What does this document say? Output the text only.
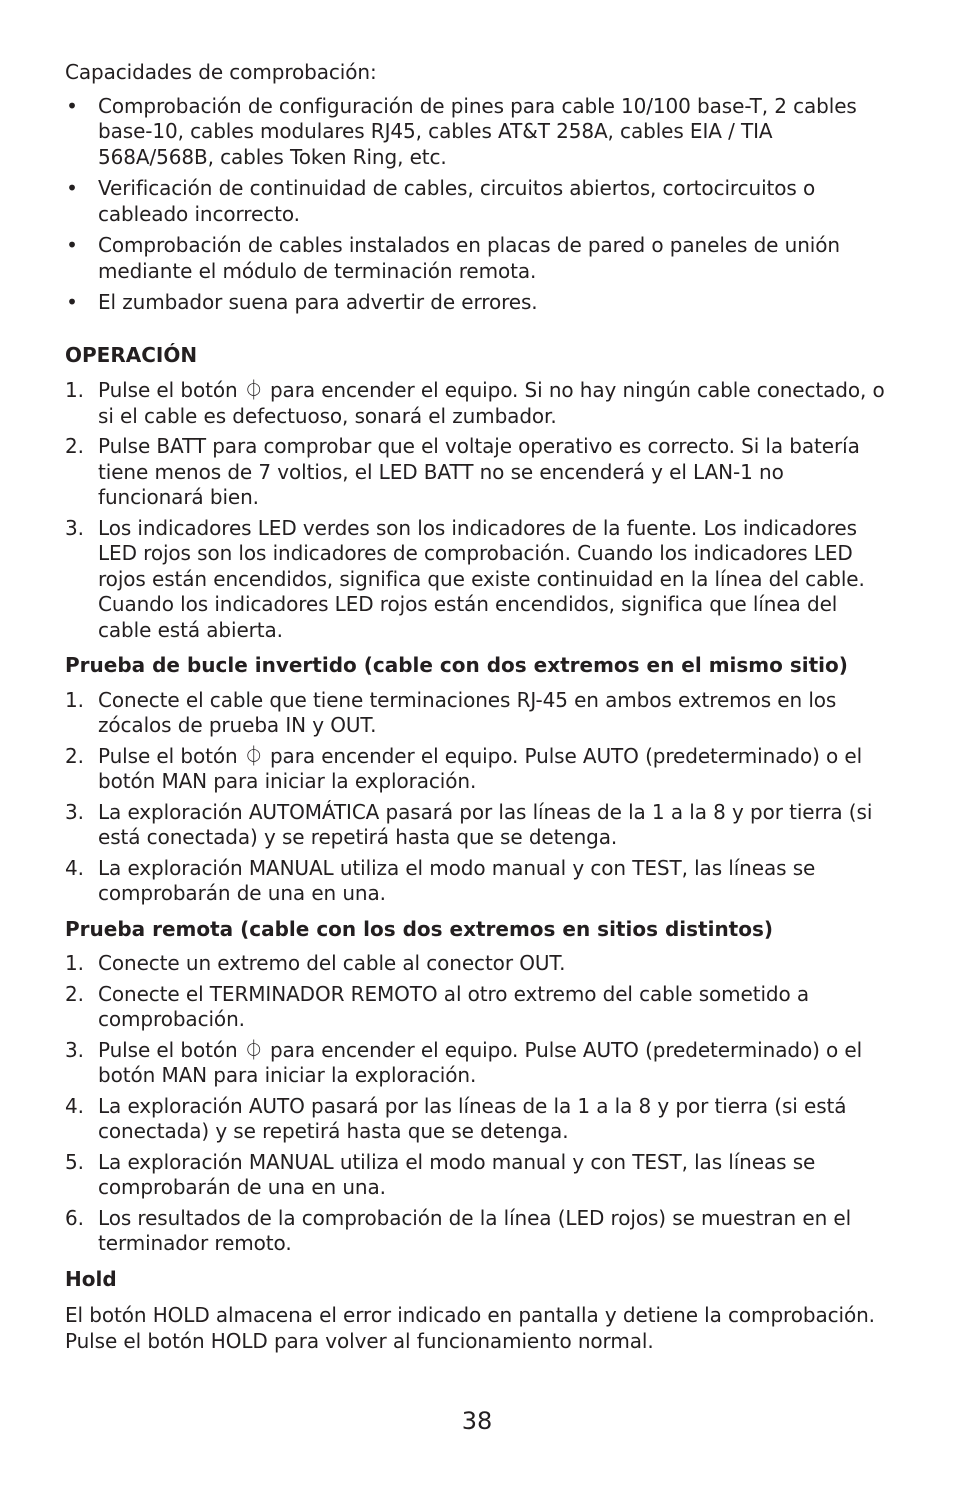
Capacidades de comprobación:

• Comprobación de configuración de pines para cable 10/100 base-T, 2 cables base-10, cables modulares RJ45, cables AT&T 258A, cables EIA / TIA 568A/568B, cables Token Ring, etc.
• Verificación de continuidad de cables, circuitos abiertos, cortocircuitos o cableado incorrecto.
• Comprobación de cables instalados en placas de pared o paneles de unión mediante el módulo de terminación remota.
• El zumbador suena para advertir de errores.
OPERACIÓN
1. Pulse el botón ⏀ para encender el equipo. Si no hay ningún cable conectado, o si el cable es defectuoso, sonará el zumbador.
2. Pulse BATT para comprobar que el voltaje operativo es correcto. Si la batería tiene menos de 7 voltios, el LED BATT no se encenderá y el LAN-1 no funcionará bien.
3. Los indicadores LED verdes son los indicadores de la fuente. Los indicadores LED rojos son los indicadores de comprobación. Cuando los indicadores LED rojos están encendidos, significa que existe continuidad en la línea del cable. Cuando los indicadores LED rojos están encendidos, significa que línea del cable está abierta.
Prueba de bucle invertido (cable con dos extremos en el mismo sitio)
1. Conecte el cable que tiene terminaciones RJ-45 en ambos extremos en los zócalos de prueba IN y OUT.
2. Pulse el botón ⏀ para encender el equipo. Pulse AUTO (predeterminado) o el botón MAN para iniciar la exploración.
3. La exploración AUTOMÁTICA pasará por las líneas de la 1 a la 8 y por tierra (si está conectada) y se repetirá hasta que se detenga.
4. La exploración MANUAL utiliza el modo manual y con TEST, las líneas se comprobarán de una en una.
Prueba remota (cable con los dos extremos en sitios distintos)
1. Conecte un extremo del cable al conector OUT.
2. Conecte el TERMINADOR REMOTO al otro extremo del cable sometido a comprobación.
3. Pulse el botón ⏀ para encender el equipo. Pulse AUTO (predeterminado) o el botón MAN para iniciar la exploración.
4. La exploración AUTO pasará por las líneas de la 1 a la 8 y por tierra (si está conectada) y se repetirá hasta que se detenga.
5. La exploración MANUAL utiliza el modo manual y con TEST, las líneas se comprobarán de una en una.
6. Los resultados de la comprobación de la línea (LED rojos) se muestran en el terminador remoto.
Hold

El botón HOLD almacena el error indicado en pantalla y detiene la comprobación. Pulse el botón HOLD para volver al funcionamiento normal.

38
